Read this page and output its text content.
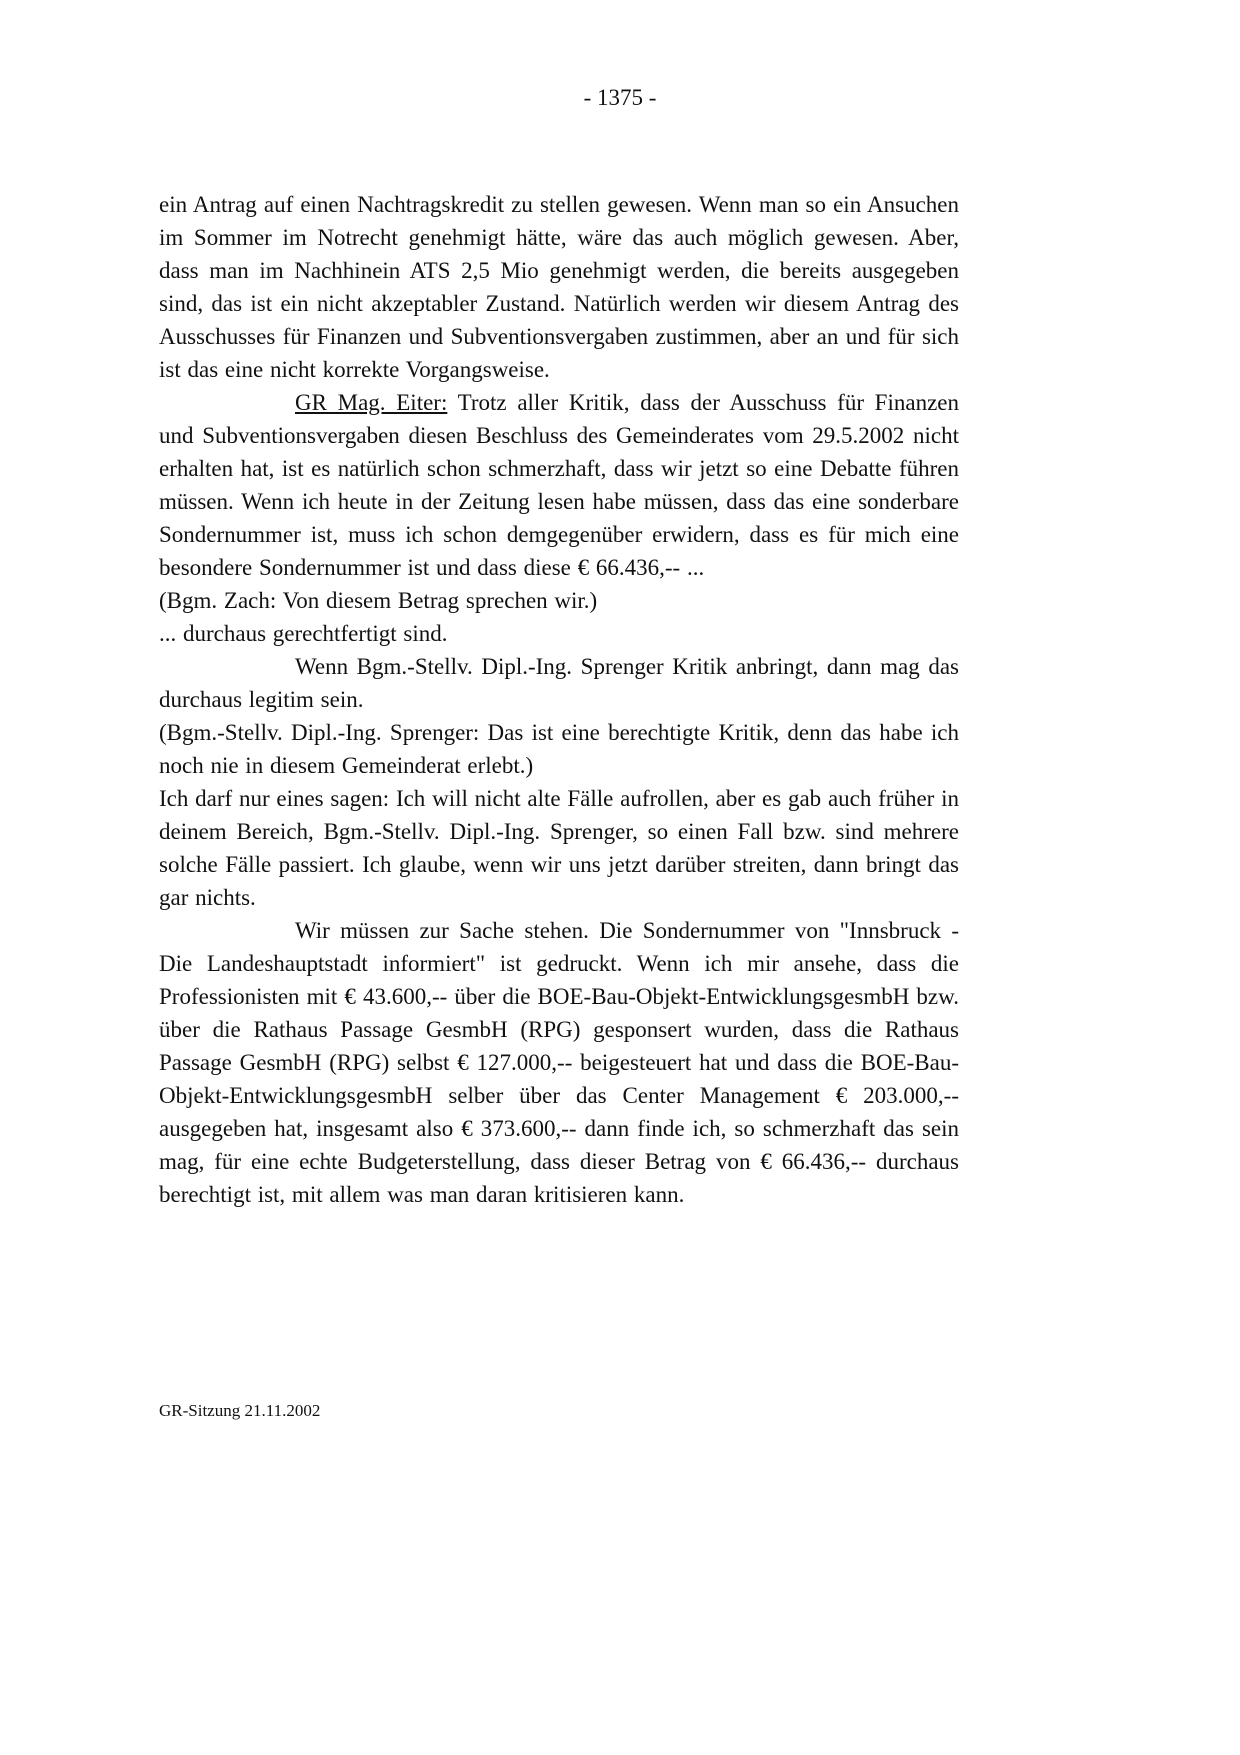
- 1375 -

ein Antrag auf einen Nachtragskredit zu stellen gewesen. Wenn man so ein Ansuchen im Sommer im Notrecht genehmigt hätte, wäre das auch möglich gewesen. Aber, dass man im Nachhinein ATS 2,5 Mio genehmigt werden, die bereits ausgegeben sind, das ist ein nicht akzeptabler Zustand. Natürlich werden wir diesem Antrag des Ausschusses für Finanzen und Subventionsvergaben zustimmen, aber an und für sich ist das eine nicht korrekte Vorgangsweise.

GR Mag. Eiter: Trotz aller Kritik, dass der Ausschuss für Finanzen und Subventionsvergaben diesen Beschluss des Gemeinderates vom 29.5.2002 nicht erhalten hat, ist es natürlich schon schmerzhaft, dass wir jetzt so eine Debatte führen müssen. Wenn ich heute in der Zeitung lesen habe müssen, dass das eine sonderbare Sondernummer ist, muss ich schon demgegenüber erwidern, dass es für mich eine besondere Sondernummer ist und dass diese € 66.436,-- ...

(Bgm. Zach: Von diesem Betrag sprechen wir.)

... durchaus gerechtfertigt sind.

Wenn Bgm.-Stellv. Dipl.-Ing. Sprenger Kritik anbringt, dann mag das durchaus legitim sein.

(Bgm.-Stellv. Dipl.-Ing. Sprenger: Das ist eine berechtigte Kritik, denn das habe ich noch nie in diesem Gemeinderat erlebt.)

Ich darf nur eines sagen: Ich will nicht alte Fälle aufrollen, aber es gab auch früher in deinem Bereich, Bgm.-Stellv. Dipl.-Ing. Sprenger, so einen Fall bzw. sind mehrere solche Fälle passiert. Ich glaube, wenn wir uns jetzt darüber streiten, dann bringt das gar nichts.

Wir müssen zur Sache stehen. Die Sondernummer von "Innsbruck - Die Landeshauptstadt informiert" ist gedruckt. Wenn ich mir ansehe, dass die Professionisten mit € 43.600,-- über die BOE-Bau-Objekt-EntwicklungsgesmbH bzw. über die Rathaus Passage GesmbH (RPG) gesponsert wurden, dass die Rathaus Passage GesmbH (RPG) selbst € 127.000,-- beigesteuert hat und dass die BOE-Bau-Objekt-EntwicklungsgesmbH selber über das Center Management € 203.000,-- ausgegeben hat, insgesamt also € 373.600,-- dann finde ich, so schmerzhaft das sein mag, für eine echte Budgeterstellung, dass dieser Betrag von € 66.436,-- durchaus berechtigt ist, mit allem was man daran kritisieren kann.

GR-Sitzung 21.11.2002
